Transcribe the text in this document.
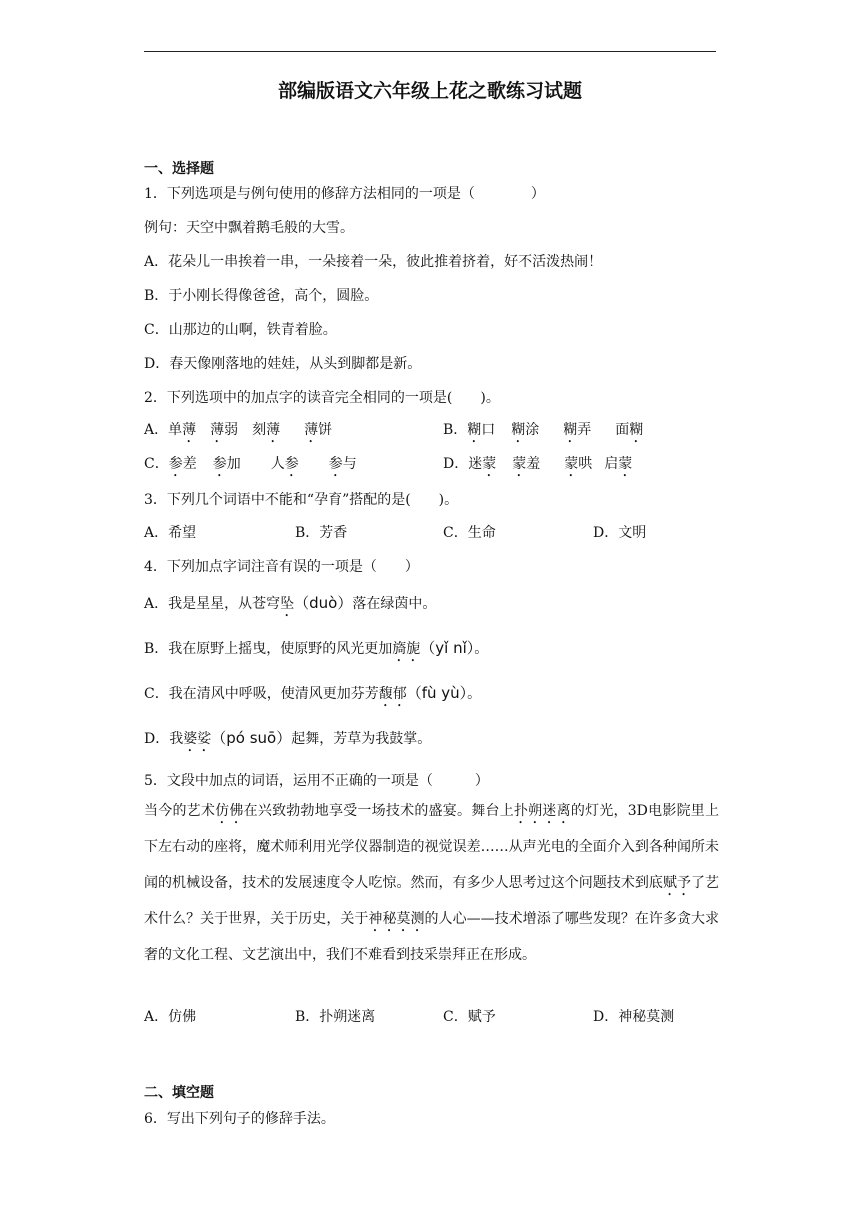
部编版语文六年级上花之歌练习试题
一、选择题
1．下列选项是与例句使用的修辞方法相同的一项是（　　　　）
例句：天空中飘着鹅毛般的大雪。
A．花朵儿一串挨着一串，一朵接着一朵，彼此推着挤着，好不活泼热闹！
B．于小刚长得像爸爸，高个，圆脸。
C．山那边的山啊，铁青着脸。
D．春天像刚落地的娃娃，从头到脚都是新。
2．下列选项中的加点字的读音完全相同的一项是(　　)。
A．单薄 薄弱 刻薄 薄饼	B．糊口 糊涂 糊弄 面糊
C．参差 参加 人参 参与	D．迷蒙 蒙羞 蒙哄 启蒙
3．下列几个词语中不能和“孕育”搭配的是(　　)。
A．希望	B．芳香	C．生命	D．文明
4．下列加点字词注音有误的一项是（　　）
A．我是星星，从苍穹坠（duò）落在绿茵中。
B．我在原野上摇曳，使原野的风光更加旖旎（yǐ nǐ）。
C．我在清风中呼吸，使清风更加芬芳馥郁（fù yù）。
D．我婆娑（pó suō）起舞，芳草为我鼓掌。
5．文段中加点的词语，运用不正确的一项是（　　　）
当今的艺术仿佛在兴致勃勃地享受一场技术的盛宴。舞台上扑朔迷离的灯光，3D电影院里上下左右动的座将，魔术师利用光学仪器制造的视觉误差……从声光电的全面介入到各种闻所未闻的机械设备，技术的发展速度令人吃惊。然而，有多少人思考过这个问题技术到底赋予了艺术什么？关于世界，关于历史，关于神秘莫测的人心——技术增添了哪些发现？在许多贪大求奢的文化工程、文艺演出中，我们不难看到技采崇拜正在形成。
A．仿佛	B．扑朔迷离	C．赋予	D．神秘莫测
二、填空题
6．写出下列句子的修辞手法。
